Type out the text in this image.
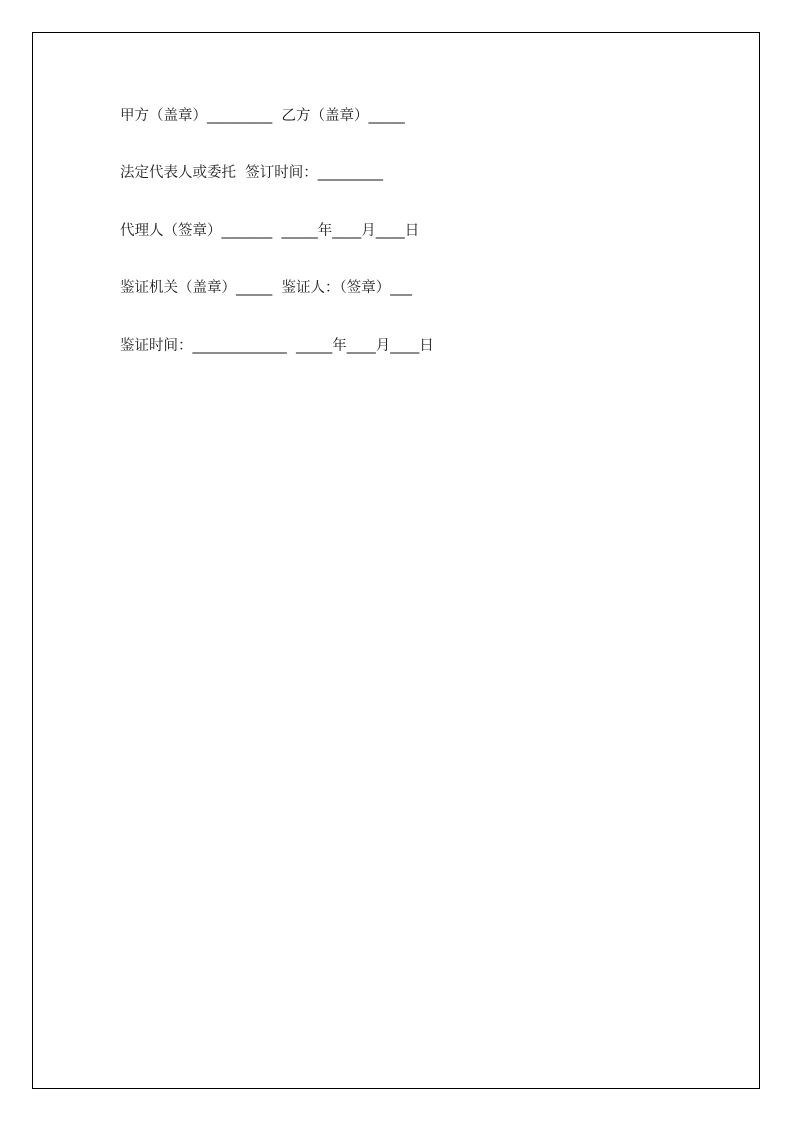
甲方（盖章）_________  乙方（盖章）_____
法定代表人或委托  签订时间：_________
代理人（签章）_______  _____年____月____日
鉴证机关（盖章）_____  鉴证人：（签章）___
鉴证时间：_____________  _____年____月____日
